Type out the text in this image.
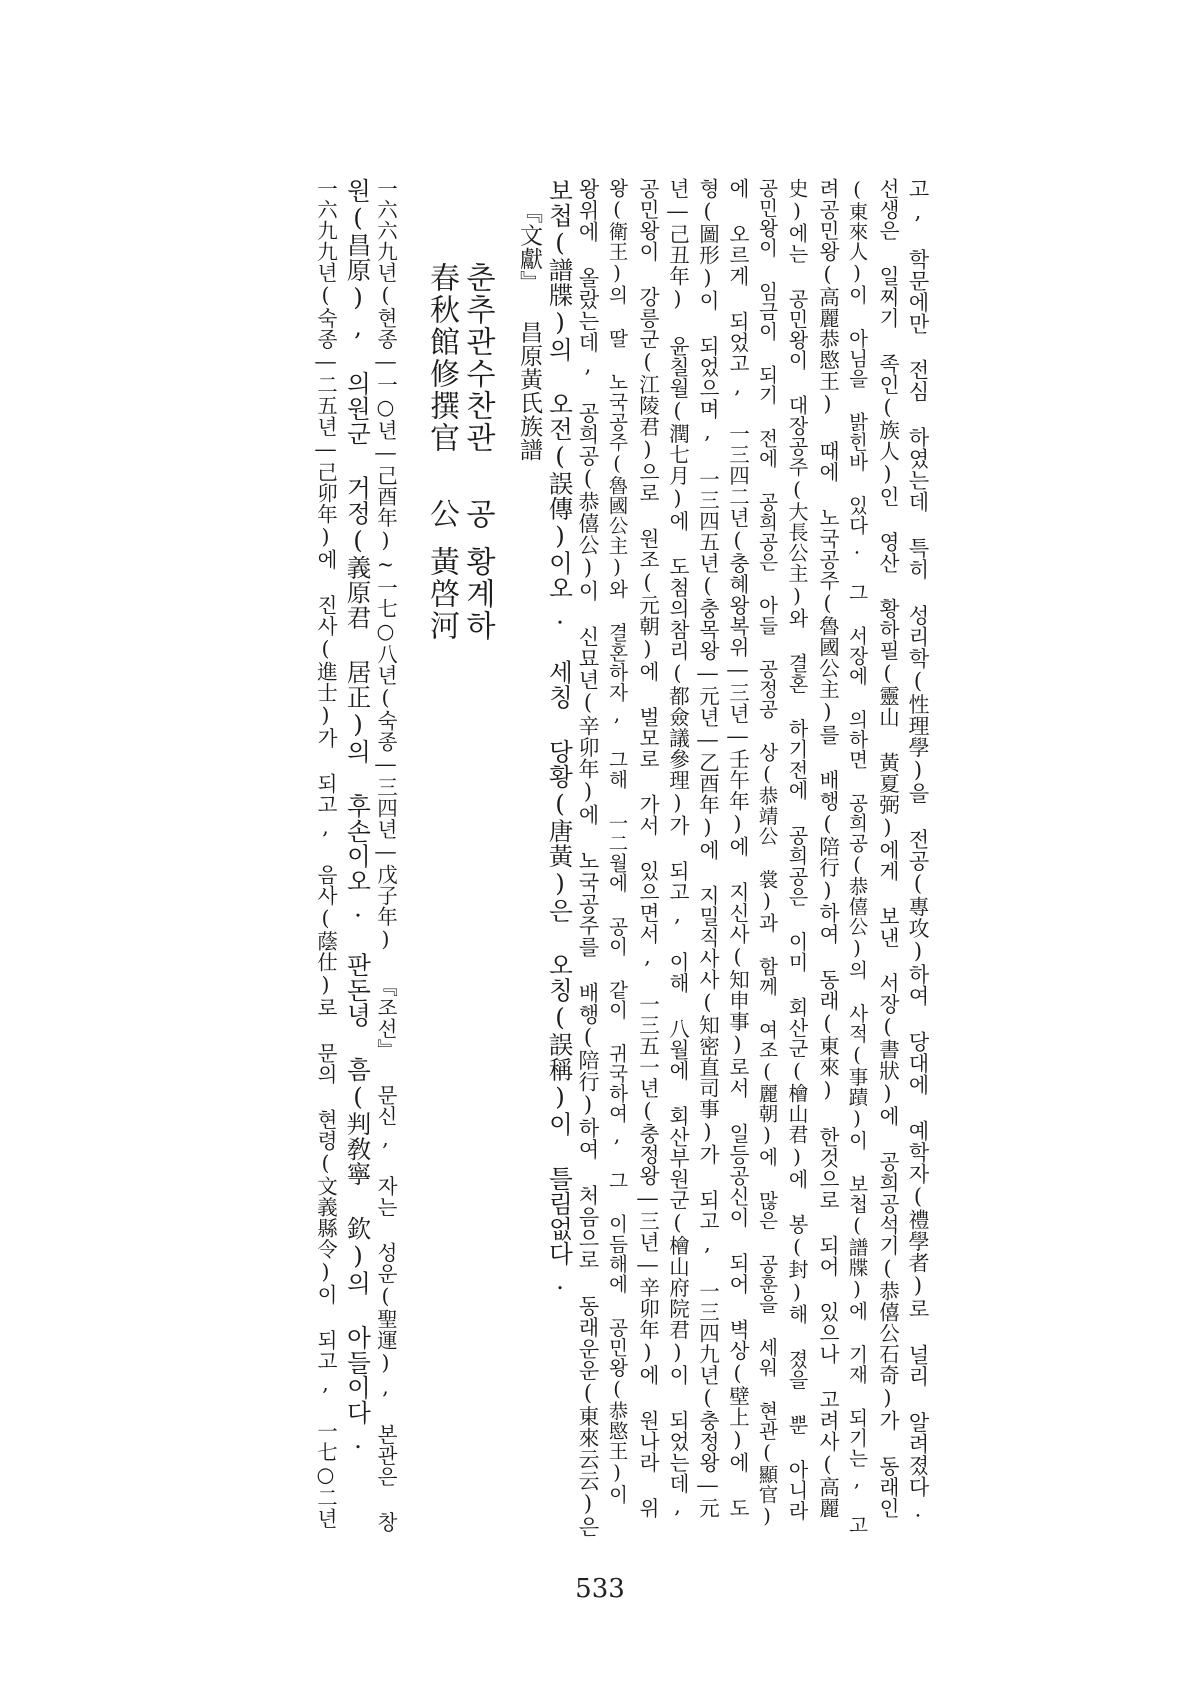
고, 학문에만 전심 하였는데 특히 성리학(性理學)을 전공(專攻)하여 당대에 예학자(禮學者)로 널리 알려졌다.

선생은 일찌기 족인(族人)인 영산 황하필(靈山 黃夏弼)에게 보낸 서장(書狀)에 공희공석기(恭僖公石奇)가 동래인

(東來人)이 아님을 밝힌바 있다. 그 서장에 의하면 공희공(恭僖公)의 사적(事蹟)이 보첩(譜牒)에 기재 되기는, 고

려공민왕(高麗恭愍王) 때에 노국공주(魯國公主)를 배행(陪行)하여 동래(東來) 한것으로 되어 있으나 고려사(高麗

史)에는 공민왕이 대장공주(大長公主)와 결혼 하기전에 공희공은 이미 회산군(檜山君)에 봉(封)해 졌을 뿐 아니라

공민왕이 임금이 되기 전에 공희공은 아들 공정공 상(恭靖公 裳)과 함께 여조(麗朝)에 많은 공훈을 세워 현관(顯官)

에 오르게 되었고, 一三四二년(충혜왕복위―三년―壬午年)에 지신사(知申事)로서 일등공신이 되어 벽상(壁上)에 도

형(圖形)이 되었으며, 一三四五년(충목왕―元년―乙酉年)에 지밀직사사(知密直司事)가 되고, 一三四九년(충정왕―元

년―己丑年) 윤칠월(潤七月)에 도첨의참리(都僉議參理)가 되고, 이해 八월에 회산부원군(檜山府院君)이 되었는데,

공민왕이 강릉군(江陵君)으로 원조(元朝)에 벌모로 가서 있으면서, 一三五一년(충정왕―三년―辛卯年)에 원나라 위

왕(衛王)의 딸 노국공주(魯國公主)와 결혼하자, 그해 一二월에 공이 같이 귀국하여, 그 이듬해에 공민왕(恭愍王)이

왕위에 올랐는데, 공희공(恭僖公)이 신묘년(辛卯年)에 노국공주를 배행(陪行)하여 처음으로 동래운운(東來云云)은

보첩(譜牒)의 오전(誤傳)이오. 세칭 당황(唐黃)은 오칭(誤稱)이 틀림없다.

『文獻』 昌原黃氏族譜

춘추관수찬관

春秋館修撰官

공

公

황계하

黃啓河

一六六九년(현종―一○년―己酉年)~一七○八년(숙종―三四년―戊子年) 『조선』 문신, 자는 성운(聖運), 본관은 창

원(昌原), 의원군 거정(義原君 居正)의 후손이오. 판돈녕 흠(判敎寧 欽)의 아들이다.

一六九九년(숙종―二五년―己卯年)에 진사(進士)가 되고, 음사(蔭仕)로 문의 현령(文義縣令)이 되고, 一七○二년

533
